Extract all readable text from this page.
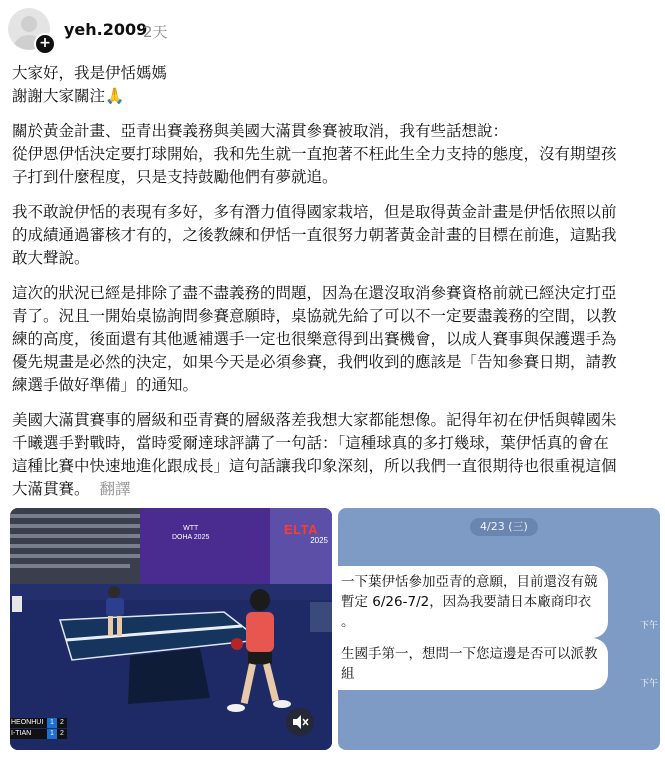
+
yeh.2009
2天

大家好，我是伊恬媽媽
謝謝大家關注🙏

關於黃金計畫、亞青出賽義務與美國大滿貫參賽被取消，我有些話想說：
從伊恩伊恬決定要打球開始，我和先生就一直抱著不枉此生全力支持的態度，沒有期望孩
子打到什麼程度，只是支持鼓勵他們有夢就追。

我不敢說伊恬的表現有多好，多有潛力值得國家栽培，但是取得黃金計畫是伊恬依照以前
的成績通過審核才有的，之後教練和伊恬一直很努力朝著黃金計畫的目標在前進，這點我
敢大聲說。

這次的狀況已經是排除了盡不盡義務的問題，因為在還沒取消參賽資格前就已經決定打亞
青了。況且一開始桌協詢問參賽意願時，桌協就先給了可以不一定要盡義務的空間，以教
練的高度，後面還有其他遞補選手一定也很樂意得到出賽機會，以成人賽事與保護選手為
優先規畫是必然的決定，如果今天是必須參賽，我們收到的應該是「告知參賽日期，請教
練選手做好準備」的通知。

美國大滿貫賽事的層級和亞青賽的層級落差我想大家都能想像。記得年初在伊恬與韓國朱
千曦選手對戰時，當時愛爾達球評講了一句話：「這種球真的多打幾球，葉伊恬真的會在
這種比賽中快速地進化跟成長」這句話讓我印象深刻，所以我們一直很期待也很重視這個
大滿貫賽。 翻譯

ELTA
2025
WTT
DOHA 2025
HEONHUI 1 2
I-TIAN	1 2
4/23 (三)
一下葉伊恬參加亞青的意願，目前還沒有競
暫定 6/26-7/2，因為我要請日本廠商印衣
。	下午
生國手第一，想問一下您這邊是否可以派教
組
下午
